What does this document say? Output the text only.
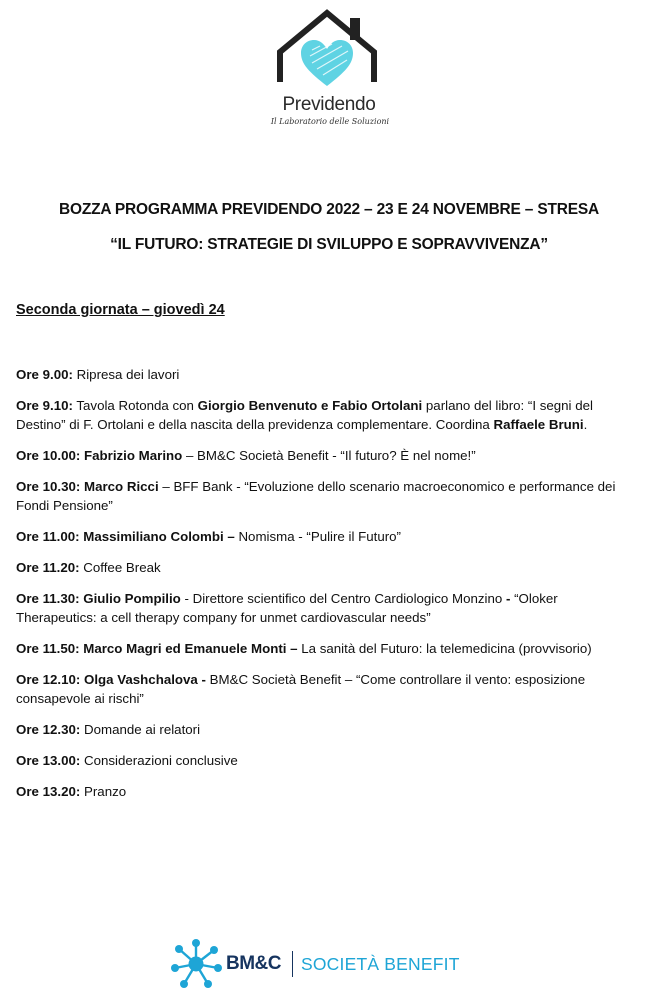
Previdendo
Il Laboratorio delle Soluzioni
BOZZA PROGRAMMA PREVIDENDO 2022 – 23 E 24 NOVEMBRE – STRESA
“IL FUTURO: STRATEGIE DI SVILUPPO E SOPRAVVIVENZA”
Seconda giornata – giovedì 24
Ore 9.00: Ripresa dei lavori
Ore 9.10: Tavola Rotonda con Giorgio Benvenuto e Fabio Ortolani parlano del libro: “I segni del Destino” di F. Ortolani e della nascita della previdenza complementare. Coordina Raffaele Bruni.
Ore 10.00: Fabrizio Marino – BM&C Società Benefit - “Il futuro? È nel nome!”
Ore 10.30: Marco Ricci – BFF Bank - “Evoluzione dello scenario macroeconomico e performance dei Fondi Pensione”
Ore 11.00: Massimiliano Colombi – Nomisma - “Pulire il Futuro”
Ore 11.20: Coffee Break
Ore 11.30: Giulio Pompilio - Direttore scientifico del Centro Cardiologico Monzino - “Oloker Therapeutics: a cell therapy company for unmet cardiovascular needs”
Ore 11.50: Marco Magri ed Emanuele Monti – La sanità del Futuro: la telemedicina (provvisorio)
Ore 12.10: Olga Vashchalova - BM&C Società Benefit – “Come controllare il vento: esposizione consapevole ai rischi”
Ore 12.30: Domande ai relatori
Ore 13.00: Considerazioni conclusive
Ore 13.20: Pranzo
BM&C SOCIETÀ BENEFIT
